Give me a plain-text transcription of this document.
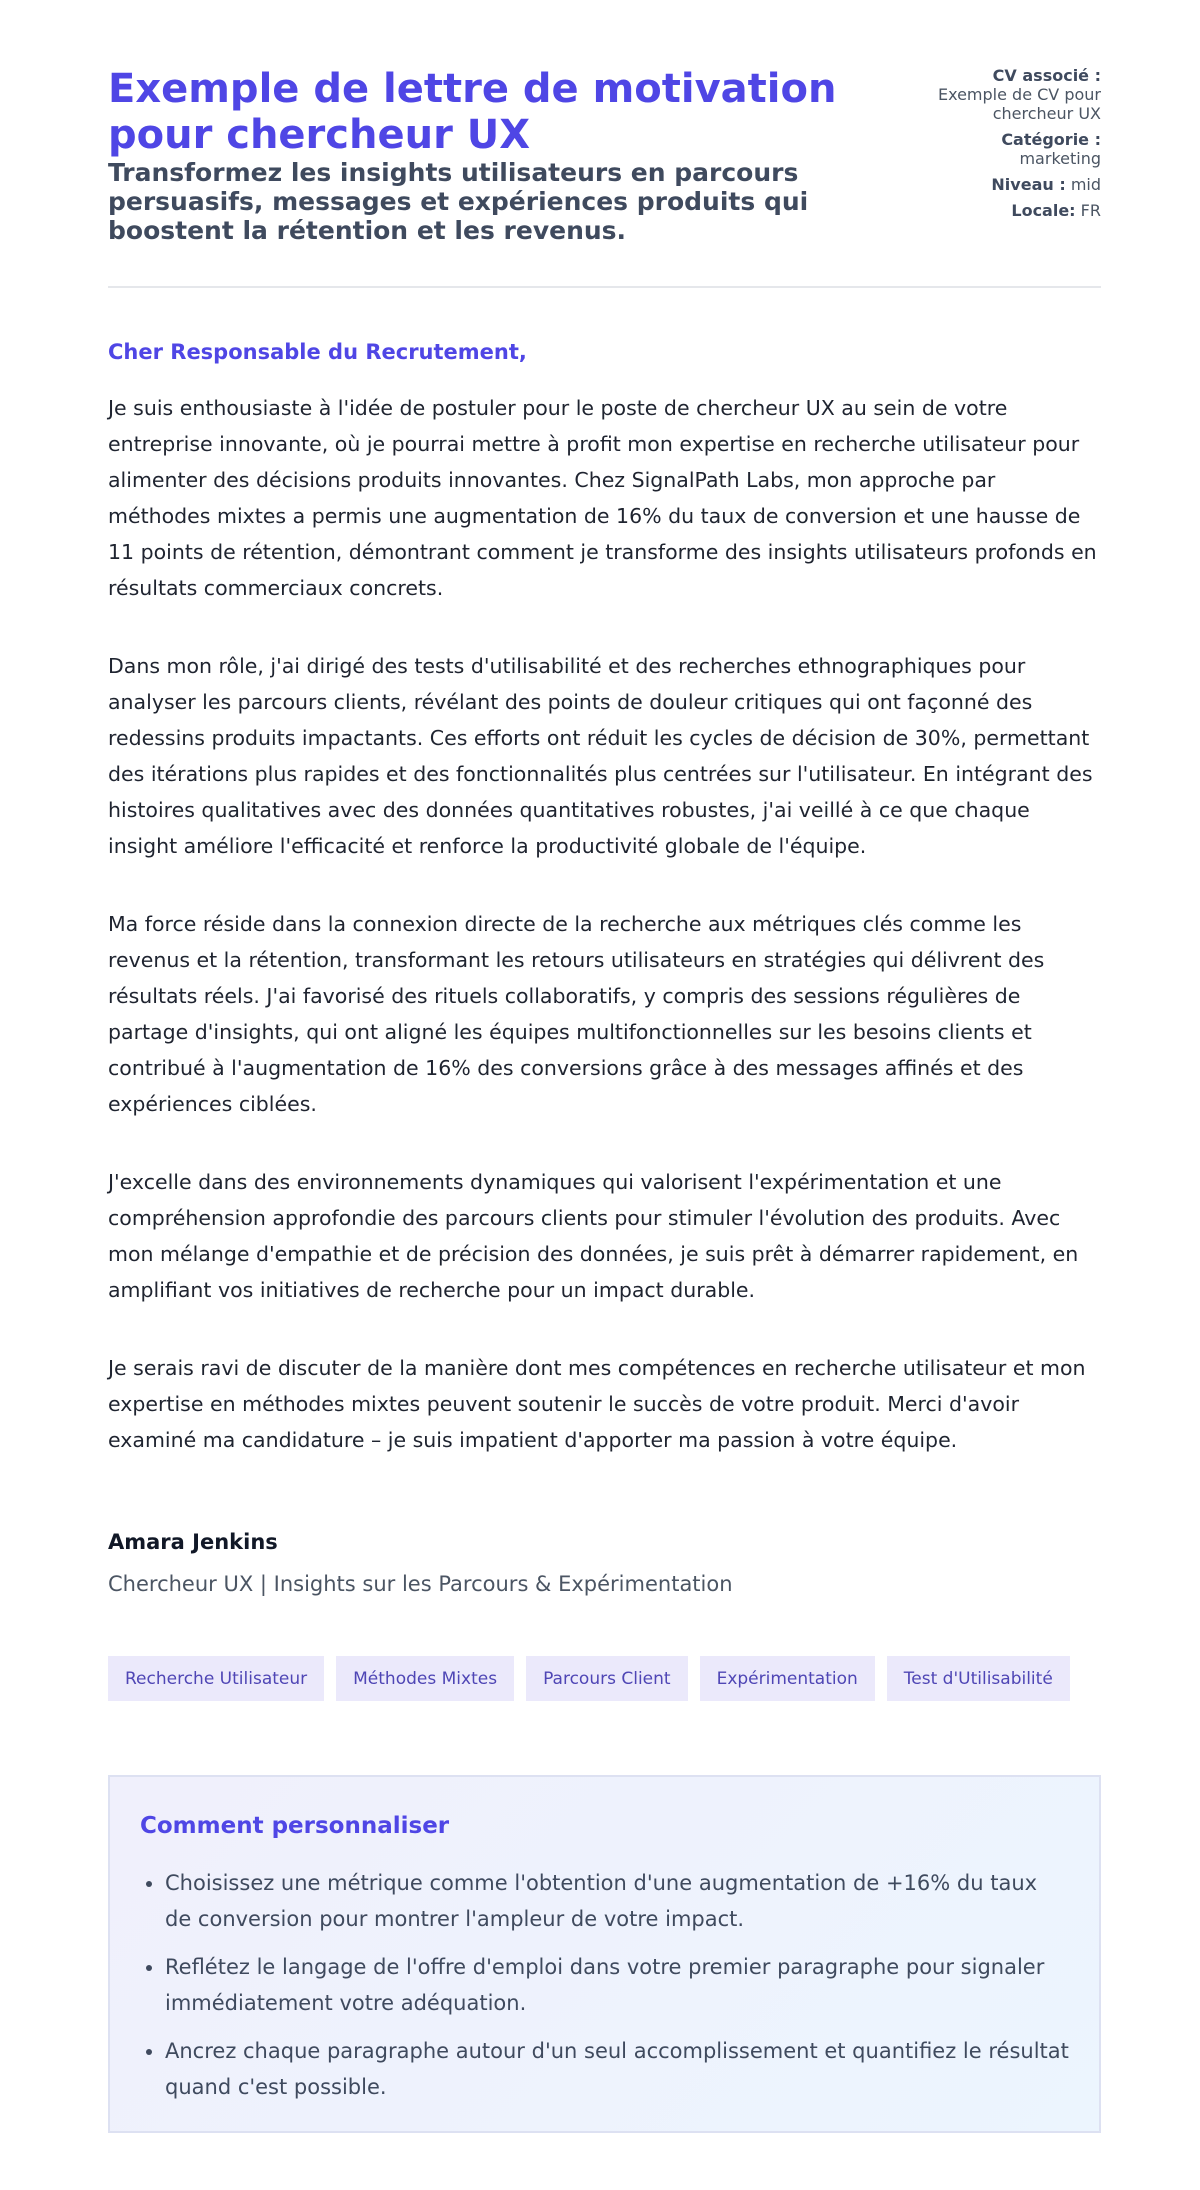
Exemple de lettre de motivation pour chercheur UX
Transformez les insights utilisateurs en parcours persuasifs, messages et expériences produits qui boostent la rétention et les revenus.
CV associé :
Exemple de CV pour chercheur UX
Catégorie :
marketing
Niveau : mid
Locale: FR
Cher Responsable du Recrutement,

Je suis enthousiaste à l'idée de postuler pour le poste de chercheur UX au sein de votre entreprise innovante, où je pourrai mettre à profit mon expertise en recherche utilisateur pour alimenter des décisions produits innovantes. Chez SignalPath Labs, mon approche par méthodes mixtes a permis une augmentation de 16% du taux de conversion et une hausse de 11 points de rétention, démontrant comment je transforme des insights utilisateurs profonds en résultats commerciaux concrets.

Dans mon rôle, j'ai dirigé des tests d'utilisabilité et des recherches ethnographiques pour analyser les parcours clients, révélant des points de douleur critiques qui ont façonné des redessins produits impactants. Ces efforts ont réduit les cycles de décision de 30%, permettant des itérations plus rapides et des fonctionnalités plus centrées sur l'utilisateur. En intégrant des histoires qualitatives avec des données quantitatives robustes, j'ai veillé à ce que chaque insight améliore l'efficacité et renforce la productivité globale de l'équipe.

Ma force réside dans la connexion directe de la recherche aux métriques clés comme les revenus et la rétention, transformant les retours utilisateurs en stratégies qui délivrent des résultats réels. J'ai favorisé des rituels collaboratifs, y compris des sessions régulières de partage d'insights, qui ont aligné les équipes multifonctionnelles sur les besoins clients et contribué à l'augmentation de 16% des conversions grâce à des messages affinés et des expériences ciblées.

J'excelle dans des environnements dynamiques qui valorisent l'expérimentation et une compréhension approfondie des parcours clients pour stimuler l'évolution des produits. Avec mon mélange d'empathie et de précision des données, je suis prêt à démarrer rapidement, en amplifiant vos initiatives de recherche pour un impact durable.

Je serais ravi de discuter de la manière dont mes compétences en recherche utilisateur et mon expertise en méthodes mixtes peuvent soutenir le succès de votre produit. Merci d'avoir examiné ma candidature – je suis impatient d'apporter ma passion à votre équipe.

Amara Jenkins
Chercheur UX | Insights sur les Parcours & Expérimentation
Recherche Utilisateur	Méthodes Mixtes	Parcours Client	Expérimentation	Test d'Utilisabilité
Comment personnaliser
• Choisissez une métrique comme l'obtention d'une augmentation de +16% du taux de conversion pour montrer l'ampleur de votre impact.
• Reflétez le langage de l'offre d'emploi dans votre premier paragraphe pour signaler immédiatement votre adéquation.
• Ancrez chaque paragraphe autour d'un seul accomplissement et quantifiez le résultat quand c'est possible.
